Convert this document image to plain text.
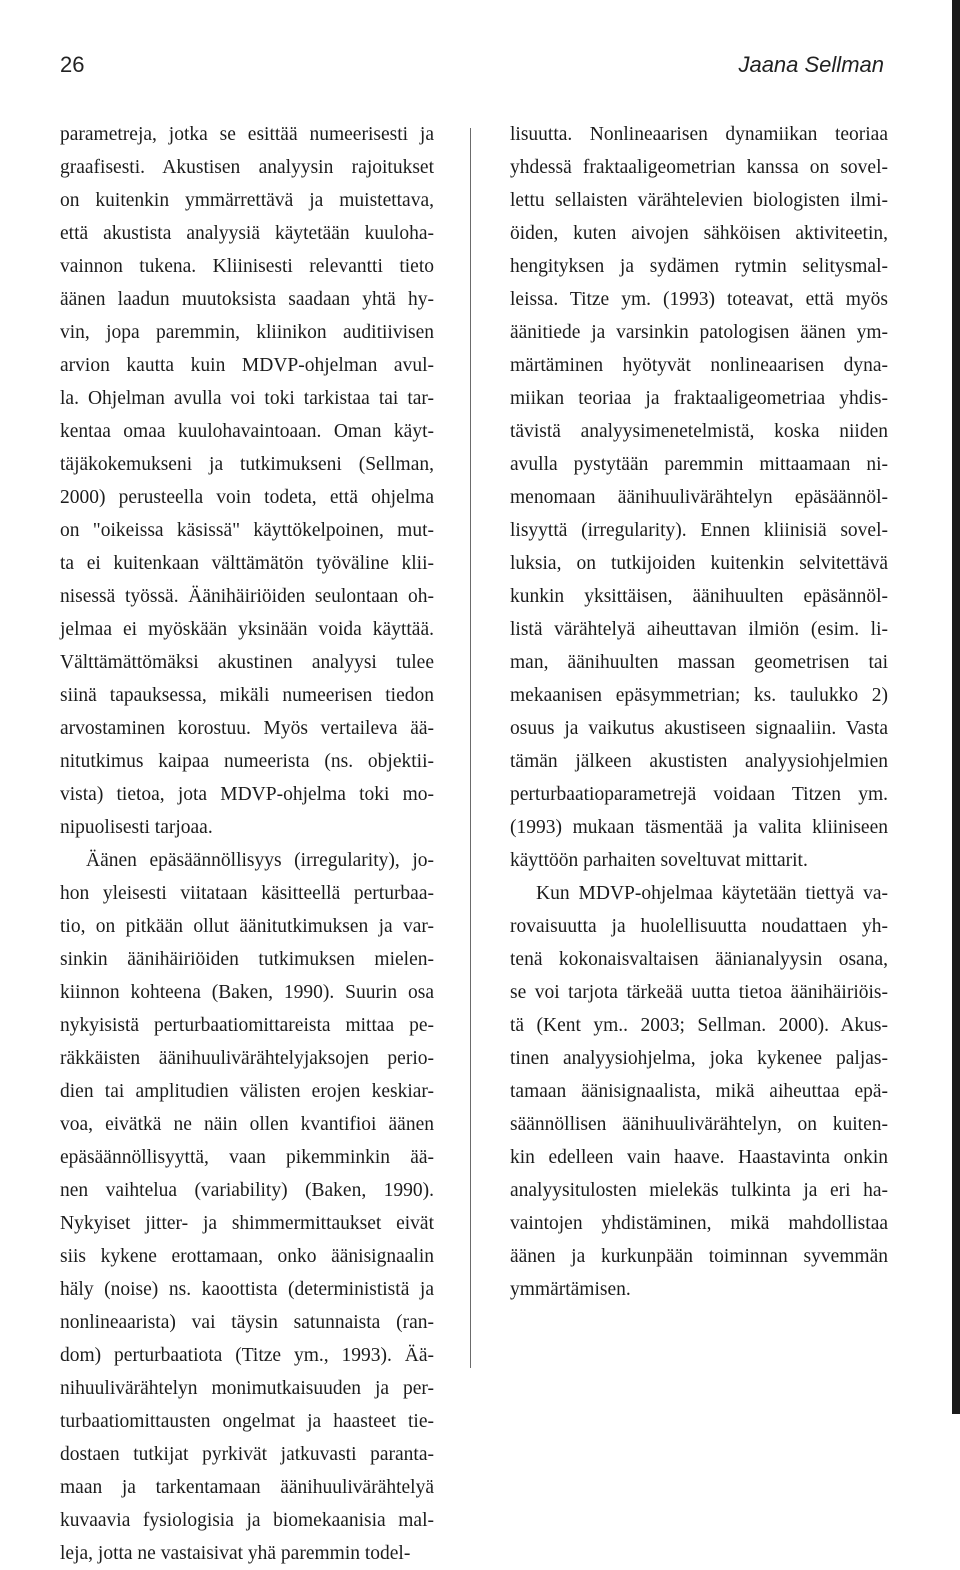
26	Jaana Sellman
parametreja, jotka se esittää numeerisesti ja
graafisesti. Akustisen analyysin rajoitukset
on kuitenkin ymmärrettävä ja muistettava,
että akustista analyysiä käytetään kuuloha-
vainnon tukena. Kliinisesti relevantti tieto
äänen laadun muutoksista saadaan yhtä hy-
vin, jopa paremmin, kliinikon auditiivisen
arvion kautta kuin MDVP-ohjelman avul-
la. Ohjelman avulla voi toki tarkistaa tai tar-
kentaa omaa kuulohavaintoaan. Oman käyt-
täjäkokemukseni ja tutkimukseni (Sellman,
2000) perusteella voin todeta, että ohjelma
on "oikeissa käsissä" käyttökelpoinen, mut-
ta ei kuitenkaan välttämätön työväline klii-
nisessä työssä. Äänihäiriöiden seulontaan oh-
jelmaa ei myöskään yksinään voida käyttää.
Välttämättömäksi akustinen analyysi tulee
siinä tapauksessa, mikäli numeerisen tiedon
arvostaminen korostuu. Myös vertaileva ää-
nitutkimus kaipaa numeerista (ns. objektii-
vista) tietoa, jota MDVP-ohjelma toki mo-
nipuolisesti tarjoaa.
Äänen epäsäännöllisyys (irregularity), jo-
hon yleisesti viitataan käsitteellä perturbaa-
tio, on pitkään ollut äänitutkimuksen ja var-
sinkin äänihäiriöiden tutkimuksen mielen-
kiinnon kohteena (Baken, 1990). Suurin osa
nykyisistä perturbaatiomittareista mittaa pe-
räkkäisten äänihuulivärähtelyjaksojen perio-
dien tai amplitudien välisten erojen keskiar-
voa, eivätkä ne näin ollen kvantifioi äänen
epäsäännöllisyyttä, vaan pikemminkin ää-
nen vaihtelua (variability) (Baken, 1990).
Nykyiset jitter- ja shimmermittaukset eivät
siis kykene erottamaan, onko äänisignaalin
häly (noise) ns. kaoottista (determinististä ja
nonlineaarista) vai täysin satunnaista (ran-
dom) perturbaatiota (Titze ym., 1993). Ää-
nihuulivärähtelyn monimutkaisuuden ja per-
turbaatiomittausten ongelmat ja haasteet tie-
dostaen tutkijat pyrkivät jatkuvasti paranta-
maan ja tarkentamaan äänihuulivärähtelyä
kuvaavia fysiologisia ja biomekaanisia mal-
leja, jotta ne vastaisivat yhä paremmin todel-
lisuutta. Nonlineaarisen dynamiikan teoriaa
yhdessä fraktaaligeometrian kanssa on sovel-
lettu sellaisten värähtelevien biologisten ilmi-
öiden, kuten aivojen sähköisen aktiviteetin,
hengityksen ja sydämen rytmin selitysmal-
leissa. Titze ym. (1993) toteavat, että myös
äänitiede ja varsinkin patologisen äänen ym-
märtäminen hyötyvät nonlineaarisen dyna-
miikan teoriaa ja fraktaaligeometriaa yhdis-
tävistä analyysimenetelmistä, koska niiden
avulla pystytään paremmin mittaamaan ni-
menomaan äänihuulivärähtelyn epäsäännöl-
lisyyttä (irregularity). Ennen kliinisiä sovel-
luksia, on tutkijoiden kuitenkin selvitettävä
kunkin yksittäisen, äänihuulten epäsännöl-
listä värähtelyä aiheuttavan ilmiön (esim. li-
man, äänihuulten massan geometrisen tai
mekaanisen epäsymmetrian; ks. taulukko 2)
osuus ja vaikutus akustiseen signaaliin. Vasta
tämän jälkeen akustisten analyysiohjelmien
perturbaatioparametrejä voidaan Titzen ym.
(1993) mukaan täsmentää ja valita kliiniseen
käyttöön parhaiten soveltuvat mittarit.
Kun MDVP-ohjelmaa käytetään tiettyä va-
rovaisuutta ja huolellisuutta noudattaen yh-
tenä kokonaisvaltaisen äänianalyysin osana,
se voi tarjota tärkeää uutta tietoa äänihäiriöis-
tä (Kent ym.. 2003; Sellman. 2000). Akus-
tinen analyysiohjelma, joka kykenee paljas-
tamaan äänisignaalista, mikä aiheuttaa epä-
säännöllisen äänihuulivärähtelyn, on kuiten-
kin edelleen vain haave. Haastavinta onkin
analyysitulosten mielekäs tulkinta ja eri ha-
vaintojen yhdistäminen, mikä mahdollistaa
äänen ja kurkunpään toiminnan syvemmän
ymmärtämisen.
